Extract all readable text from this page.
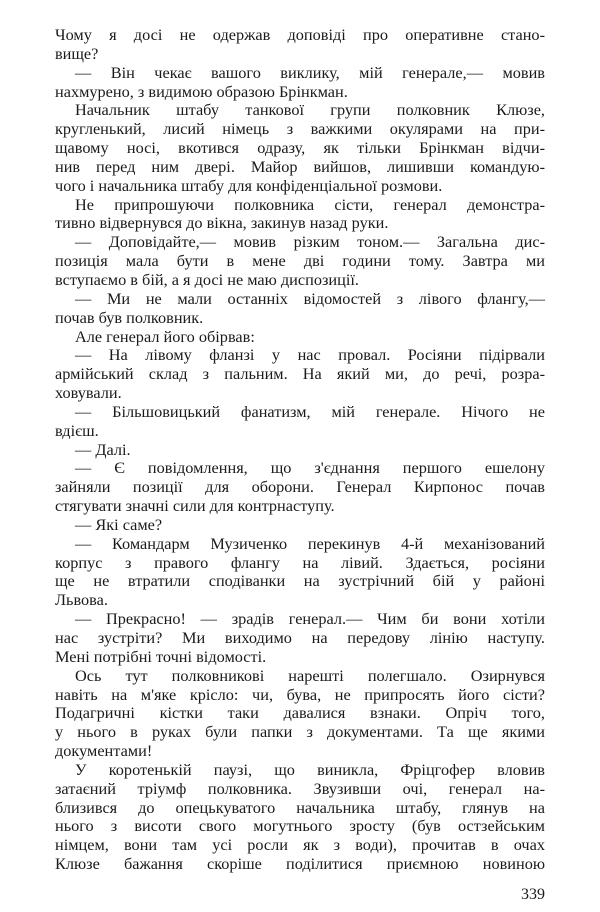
Чому я досі не одержав доповіді про оперативне стано-
вище?
— Він чекає вашого виклику, мій генерале,— мовив
нахмурено, з видимою образою Брінкман.
Начальник штабу танкової групи полковник Клюзе,
кругленький, лисий німець з важкими окулярами на при-
щавому носі, вкотився одразу, як тільки Брінкман відчи-
нив перед ним двері. Майор вийшов, лишивши командую-
чого і начальника штабу для конфіденціальної розмови.
Не припрошуючи полковника сісти, генерал демонстра-
тивно відвернувся до вікна, закинув назад руки.
— Доповідайте,— мовив різким тоном.— Загальна дис-
позиція мала бути в мене дві години тому. Завтра ми
вступаємо в бій, а я досі не маю диспозиції.
— Ми не мали останніх відомостей з лівого флангу,—
почав був полковник.
Але генерал його обірвав:
— На лівому фланзі у нас провал. Росіяни підірвали
армійський склад з пальним. На який ми, до речі, розра-
ховували.
— Більшовицький фанатизм, мій генерале. Нічого не
вдієш.
— Далі.
— Є повідомлення, що з'єднання першого ешелону
зайняли позиції для оборони. Генерал Кирпонос почав
стягувати значні сили для контрнаступу.
— Які саме?
— Командарм Музиченко перекинув 4-й механізований
корпус з правого флангу на лівий. Здається, росіяни
ще не втратили сподіванки на зустрічний бій у районі
Львова.
— Прекрасно! — зрадів генерал.— Чим би вони хотіли
нас зустріти? Ми виходимо на передову лінію наступу.
Мені потрібні точні відомості.
Ось тут полковникові нарешті полегшало. Озирнувся
навіть на м'яке крісло: чи, бува, не припросять його сісти?
Подагричні кістки таки давалися взнаки. Опріч того,
у нього в руках були папки з документами. Та ще якими
документами!
У коротенькій паузі, що виникла, Фріцгофер вловив
затаєний тріумф полковника. Звузивши очі, генерал на-
близився до опецькуватого начальника штабу, глянув на
нього з висоти свого могутнього зросту (був остзейським
німцем, вони там усі росли як з води), прочитав в очах
Клюзе бажання скоріше поділитися приємною новиною
339
